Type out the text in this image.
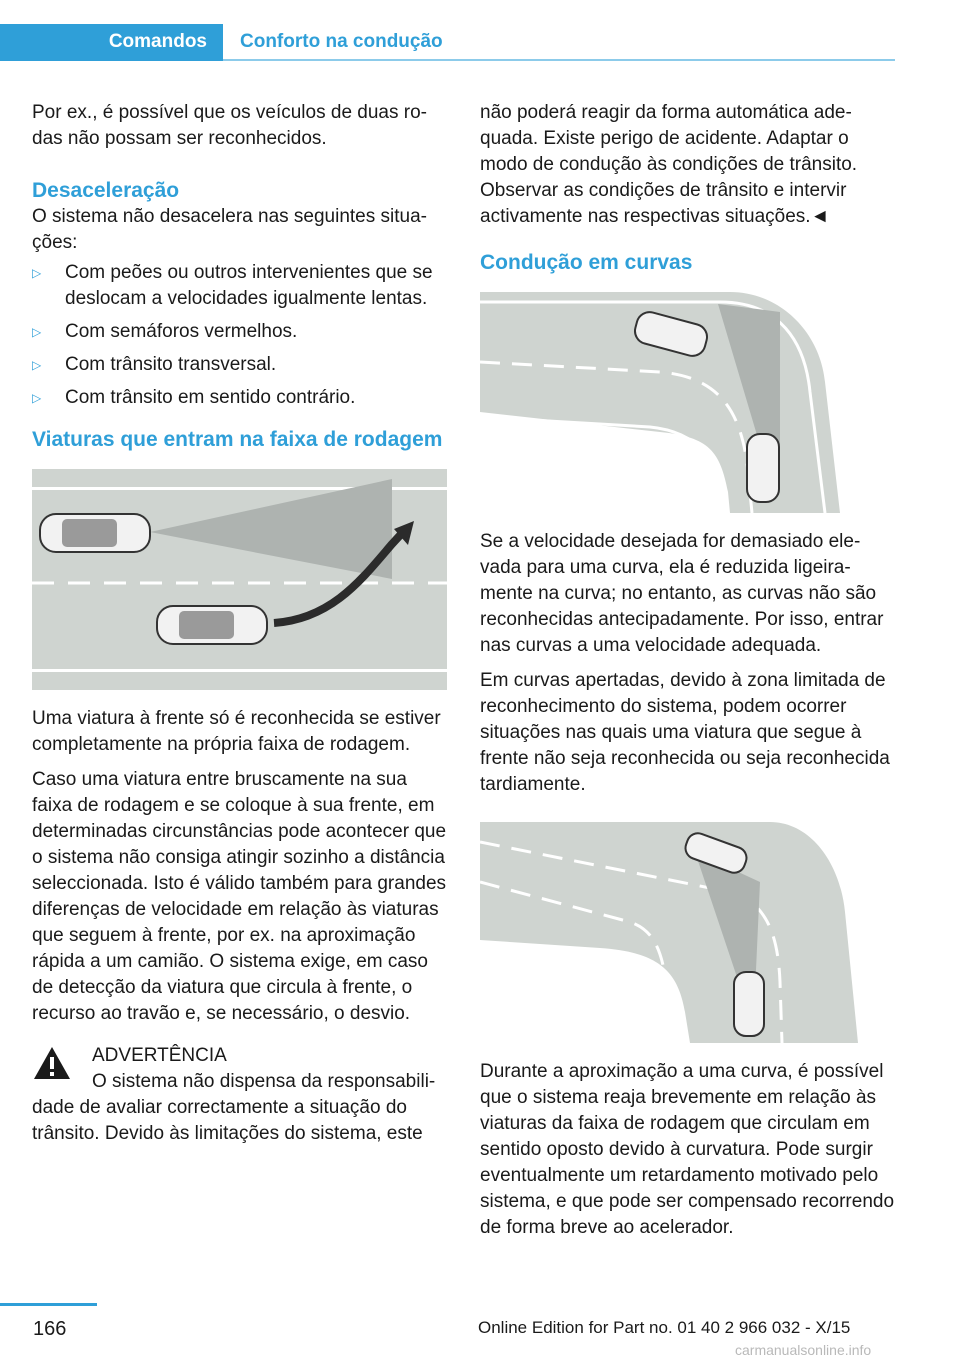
Comandos	Conforto na condução

Por ex., é possível que os veículos de duas rodas não possam ser reconhecidos.

Desaceleração

O sistema não desacelera nas seguintes situações:

▷ Com peões ou outros intervenientes que se deslocam a velocidades igualmente lentas.
▷ Com semáforos vermelhos.
▷ Com trânsito transversal.
▷ Com trânsito em sentido contrário.
Viaturas que entram na faixa de rodagem

Uma viatura à frente só é reconhecida se estiver completamente na própria faixa de rodagem.

Caso uma viatura entre bruscamente na sua faixa de rodagem e se coloque à sua frente, em determinadas circunstâncias pode acontecer que o sistema não consiga atingir sozinho a distância seleccionada. Isto é válido também para grandes diferenças de velocidade em relação às viaturas que seguem à frente, por ex. na aproximação rápida a um camião. O sistema exige, em caso de detecção da viatura que circula à frente, o recurso ao travão e, se necessário, o desvio.

ADVERTÊNCIA

O sistema não dispensa da responsabilidade de avaliar correctamente a situação do trânsito. Devido às limitações do sistema, este

não poderá reagir da forma automática adequada. Existe perigo de acidente. Adaptar o modo de condução às condições de trânsito. Observar as condições de trânsito e intervir activamente nas respectivas situações.◄

Condução em curvas

Se a velocidade desejada for demasiado elevada para uma curva, ela é reduzida ligeiramente na curva; no entanto, as curvas não são reconhecidas antecipadamente. Por isso, entrar nas curvas a uma velocidade adequada.

Em curvas apertadas, devido à zona limitada de reconhecimento do sistema, podem ocorrer situações nas quais uma viatura que segue à frente não seja reconhecida ou seja reconhecida tardiamente.

Durante a aproximação a uma curva, é possível que o sistema reaja brevemente em relação às viaturas da faixa de rodagem que circulam em sentido oposto devido à curvatura. Pode surgir eventualmente um retardamento motivado pelo sistema, e que pode ser compensado recorrendo de forma breve ao acelerador.

166	Online Edition for Part no. 01 40 2 966 032 - X/15
carmanualsonline.info
